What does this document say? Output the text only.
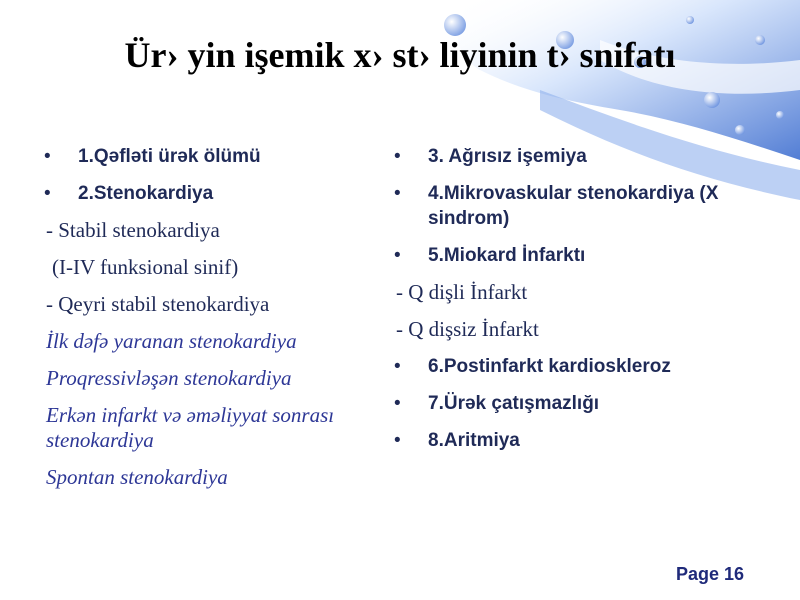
Ür› yin işemik x› st› liyinin t› snifatı
• 1.Qəfləti ürək ölümü
• 2.Stenokardiya
- Stabil stenokardiya
(I-IV funksional sinif)
- Qeyri stabil stenokardiya
İlk dəfə yaranan stenokardiya
Proqressivləşən stenokardiya
Erkən infarkt və əməliyyat sonrası stenokardiya
Spontan stenokardiya
• 3. Ağrısız işemiya
• 4.Mikrovaskular stenokardiya (X sindrom)
• 5.Miokard İnfarktı
- Q dişli İnfarkt
- Q dişsiz İnfarkt
• 6.Postinfarkt kardioskleroz
• 7.Ürək çatışmazlığı
• 8.Aritmiya
Page 16
